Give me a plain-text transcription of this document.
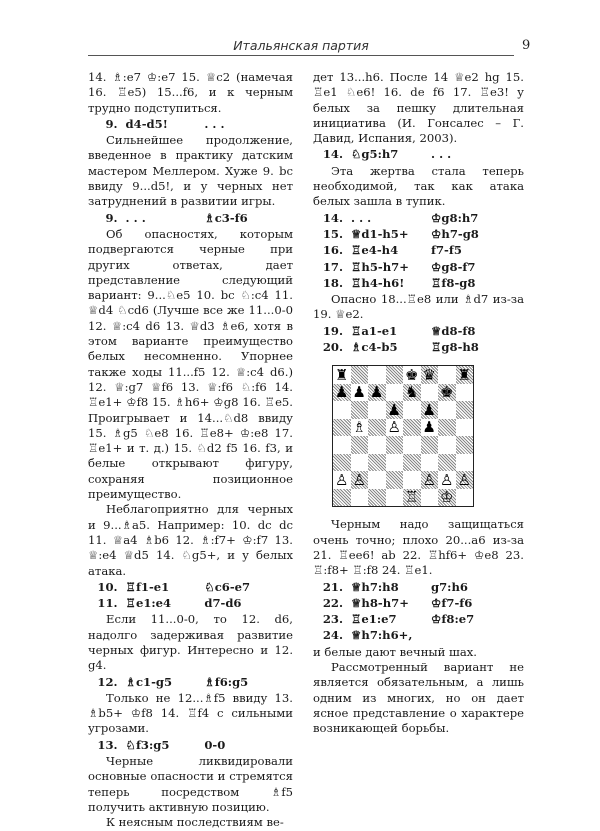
Итальянская партия	9

14. ♗:e7 ♔:e7 15. ♕c2 (намечая 16. ♖e5) 15...f6, и к черным трудно подступиться.

9. d4-d5!	. . .

Сильнейшее продолжение, введенное в практику датским мастером Меллером. Хуже 9. bc ввиду 9...d5!, и у черных нет затруднений в развитии игры.

9. . . .	♗c3-f6

Об опасностях, которым подвергаются черные при других ответах, дает представление следующий вариант: 9...♘e5 10. bc ♘:c4 11. ♕d4 ♘cd6 (Лучше все же 11...0-0 12. ♕:c4 d6 13. ♕d3 ♗e6, хотя в этом варианте преимущество белых несомненно. Упорнее также ходы 11...f5 12. ♕:c4 d6.) 12. ♕:g7 ♕f6 13. ♕:f6 ♘:f6 14. ♖e1+ ♔f8 15. ♗h6+ ♔g8 16. ♖e5. Проигрывает и 14...♘d8 ввиду 15. ♗g5 ♘e8 16. ♖e8+ ♔:e8 17. ♖e1+ и т. д.) 15. ♘d2 f5 16. f3, и белые открывают фигуру, сохраняя позиционное преимущество.

Неблагоприятно для черных и 9...♗a5. Например: 10. dc dc 11. ♕a4 ♗b6 12. ♗:f7+ ♔:f7 13. ♕:e4 ♕d5 14. ♘g5+, и у белых атака.

10. ♖f1-e1	♘c6-e7
11. ♖e1:e4	d7-d6

Если 11...0-0, то 12. d6, надолго задерживая развитие черных фигур. Интересно и 12. g4.

12. ♗c1-g5	♗f6:g5

Только не 12...♗f5 ввиду 13. ♗b5+ ♔f8 14. ♖f4 с сильными угрозами.

13. ♘f3:g5	0-0

Черные ликвидировали основные опасности и стремятся теперь посредством ♗f5 получить активную позицию.

К неясным последствиям ве-

дет 13...h6. После 14 ♕e2 hg 15. ♖e1 ♘e6! 16. de f6 17. ♖e3! у белых за пешку длительная инициатива (И. Гонсалес – Г. Давид, Испания, 2003).

14. ♘g5:h7	. . .

Эта жертва стала теперь необходимой, так как атака белых зашла в тупик.

14. . . .	♔g8:h7
15. ♕d1-h5+	♔h7-g8
16. ♖e4-h4	f7-f5
17. ♖h5-h7+	♔g8-f7
18. ♖h4-h6!	♖f8-g8

Опасно 18...♖e8 или ♗d7 из-за 19. ♕e2.

19. ♖a1-e1	♕d8-f8
20. ♗c4-b5	♖g8-h8
♜	♚ ♛ ♜
♟ ♟ ♟ ♞ ♚
♟ ♟
♗ ♙ ♟
♙ ♙	♙ ♙ ♙
♖ ♔

Черным надо защищаться очень точно; плохо 20...a6 из-за 21. ♖ee6! ab 22. ♖hf6+ ♔e8 23. ♖:f8+ ♖:f8 24. ♖e1.

21. ♕h7:h8	g7:h6
22. ♕h8-h7+	♔f7-f6
23. ♖e1:e7	♔f8:e7
24. ♕h7:h6+,

и белые дают вечный шах.

Рассмотренный вариант не является обязательным, а лишь одним из многих, но он дает ясное представление о характере возникающей борьбы.
